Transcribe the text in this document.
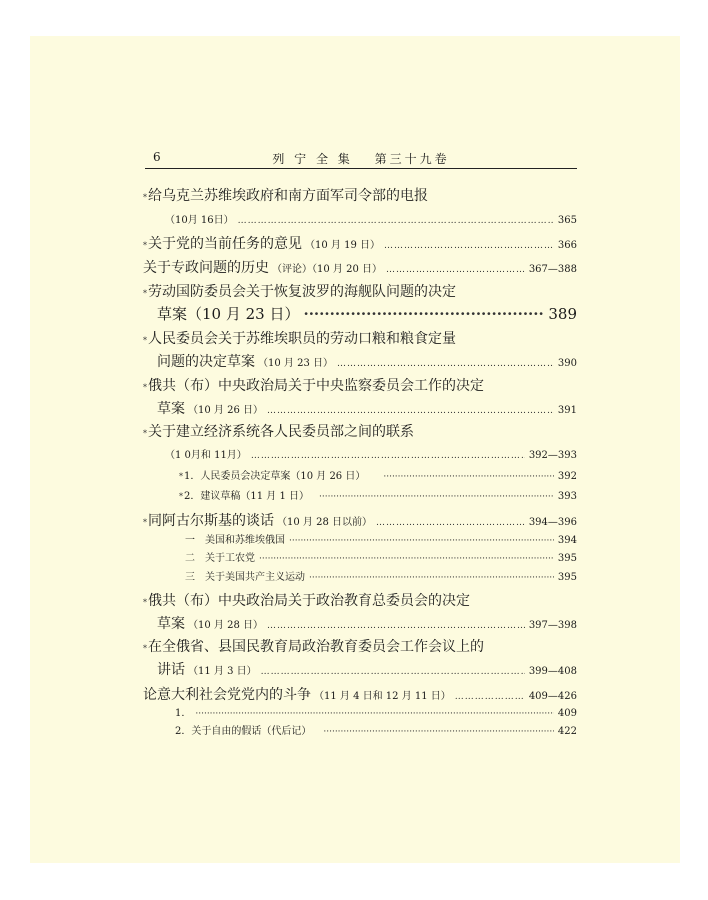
6	列 宁 全 集　 第三十九卷
* 给乌克兰苏维埃政府和南方面军司令部的电报
（10月 16日） ……………………………………………………………………………………………………………………………………………………	365
* 关于党的当前任务的意见 （10 月 19 日） ……………………………………………………………………………………………………………………………………………………	366
关于专政问题的历史 （评论）（10 月 20 日） ……………………………………………………………………………………………………………………………………………………	367—388
* 劳动国防委员会关于恢复波罗的海舰队问题的决定
草案（10 月 23 日） ·····	389
* 人民委员会关于苏维埃职员的劳动口粮和粮食定量
问题的决定草案 （10 月 23 日） ……………………………………………………………………………………………………………………………………………………	390
* 俄共（布）中央政治局关于中央监察委员会工作的决定
草案 （10 月 26 日） ……………………………………………………………………………………………………………………………………………………	391
* 关于建立经济系统各人民委员部之间的联系
（1 0月和 11月） ……………………………………………………………………………………………………………………………………………………	392—393
* 1．人民委员会决定草案（10 月 26 日） ·····	392
* 2．建议草稿（11 月 1 日） ·····	393
* 同阿古尔斯基的谈话 （10 月 28 日以前） ……………………………………………………………………………………………………………………………………………………	394—396
一　美国和苏维埃俄国 ·····	394
二　关于工农党 ·····	395
三　关于美国共产主义运动 ·····	395
* 俄共（布）中央政治局关于政治教育总委员会的决定
草案 （10 月 28 日） ……………………………………………………………………………………………………………………………………………………	397—398
* 在全俄省、县国民教育局政治教育委员会工作会议上的
讲话 （11 月 3 日） ……………………………………………………………………………………………………………………………………………………	399—408
论意大利社会党党内的斗争 （11 月 4 日和 12 月 11 日） ……………………………………………………………………………………………………………………………………………………	409—426
1． ·····	409
2．关于自由的假话（代后记） ·····	422
